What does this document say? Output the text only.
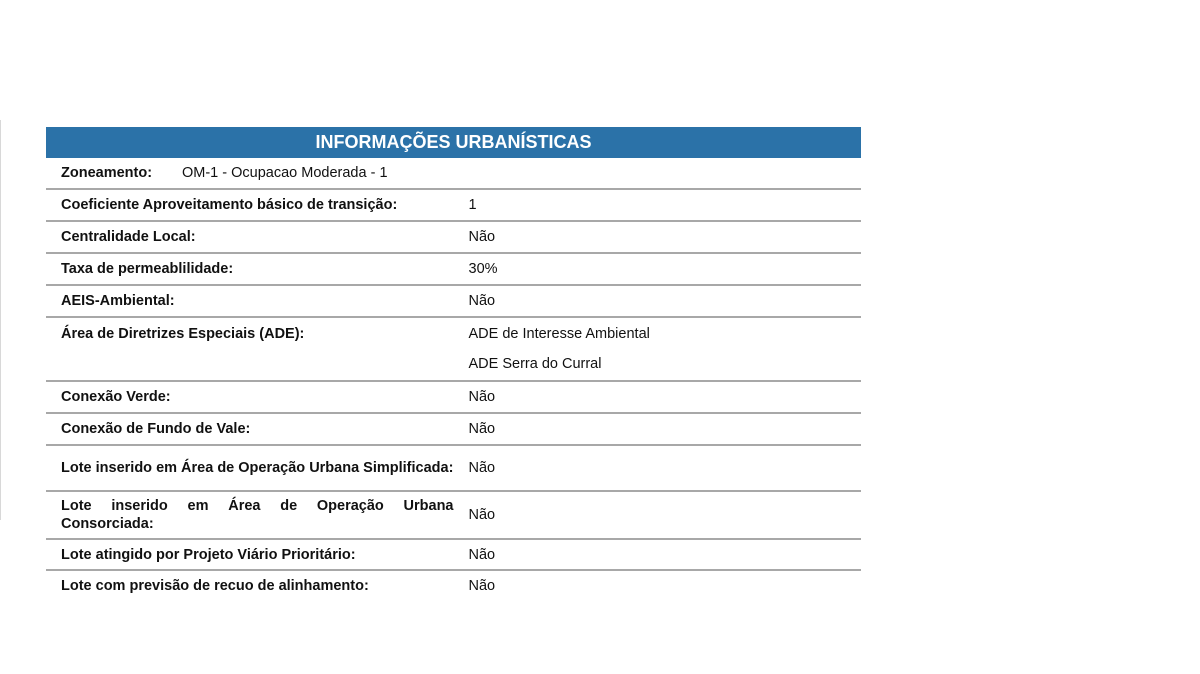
INFORMAÇÕES URBANÍSTICAS
Zoneamento: OM-1 - Ocupacao Moderada - 1	
Coeficiente Aproveitamento básico de transição:	1
Centralidade Local:	Não
Taxa de permeablilidade:	30%
AEIS-Ambiental:	Não
Área de Diretrizes Especiais (ADE):	ADE de Interesse Ambiental
ADE Serra do Curral

Conexão Verde:	Não
Conexão de Fundo de Vale:	Não
Lote inserido em Área de Operação Urbana Simplificada:	Não
Lote inserido em Área de Operação Urbana Consorciada:	Não
Lote atingido por Projeto Viário Prioritário:	Não
Lote com previsão de recuo de alinhamento:	Não
